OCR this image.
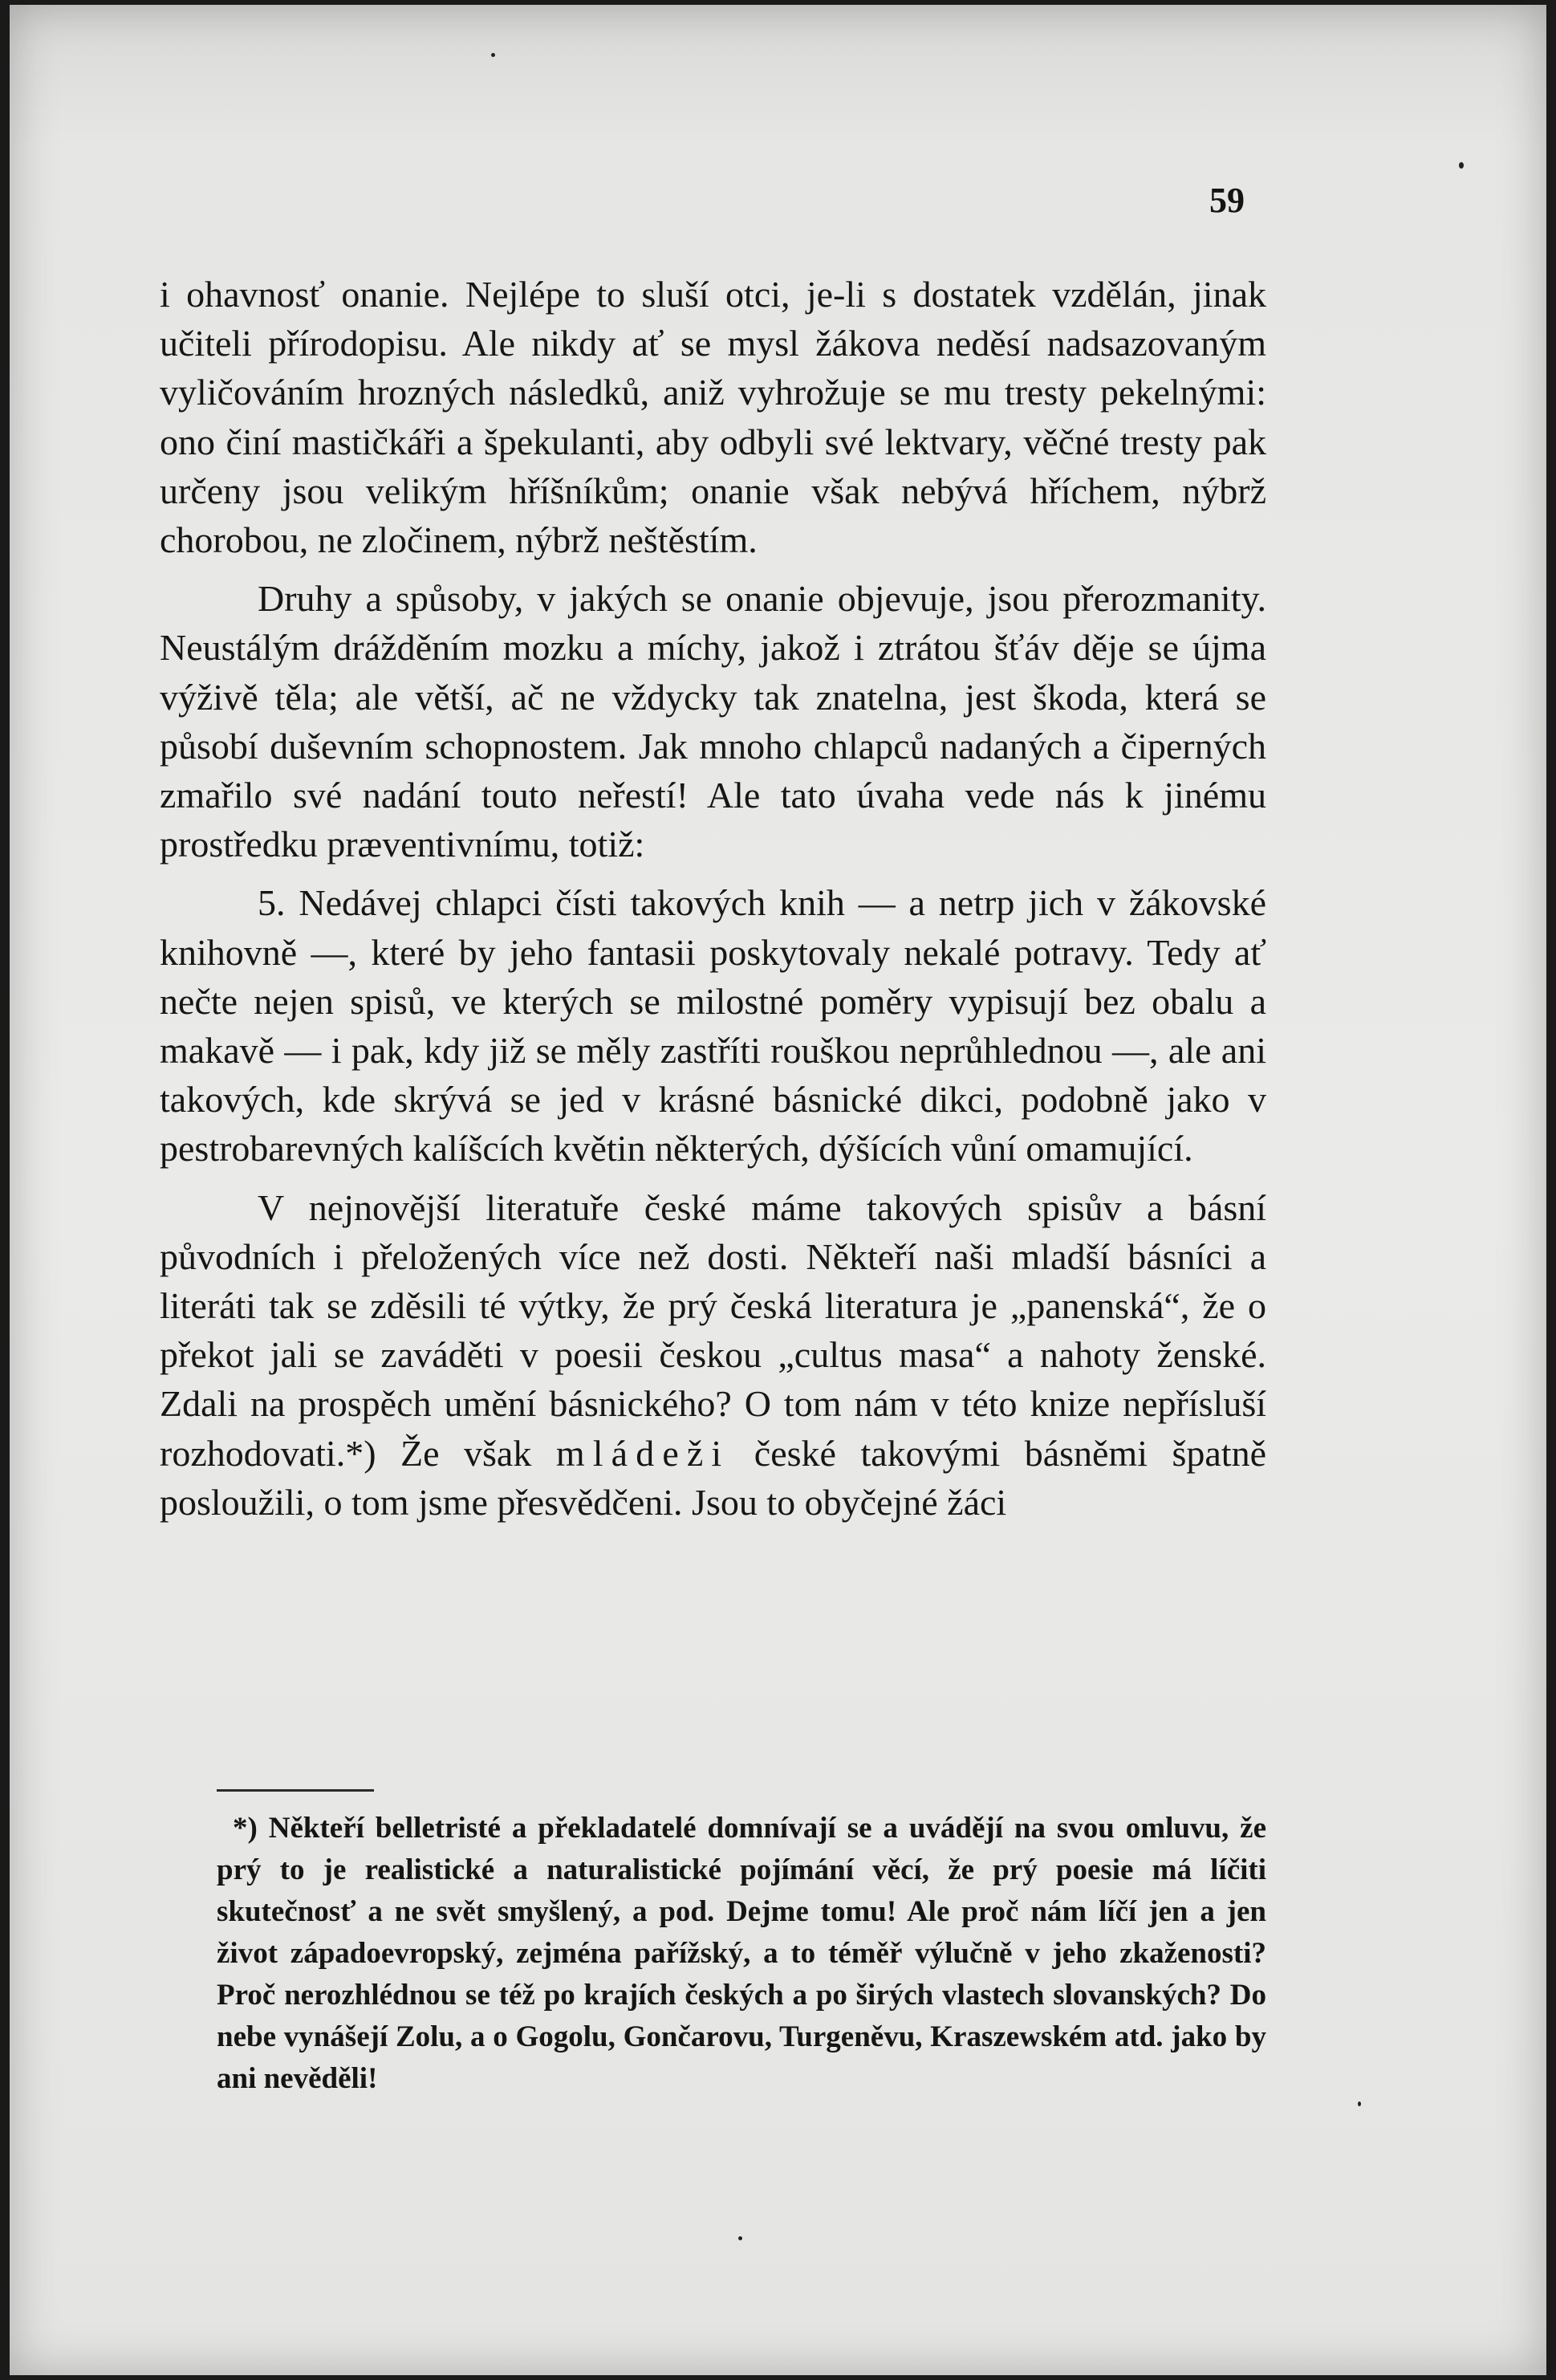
59

i ohavnosť onanie. Nejlépe to sluší otci, je-li s dostatek vzdělán, jinak učiteli přírodopisu. Ale nikdy ať se mysl žákova neděsí nadsazovaným vyličováním hrozných následků, aniž vyhrožuje se mu tresty pekelnými: ono činí mastičkáři a špekulanti, aby odbyli své lektvary, věčné tresty pak určeny jsou velikým hříšníkům; onanie však nebývá hříchem, nýbrž chorobou, ne zločinem, nýbrž neštěstím.

Druhy a spůsoby, v jakých se onanie objevuje, jsou přerozmanity. Neustálým drážděním mozku a míchy, jakož i ztrátou šťáv děje se újma výživě těla; ale větší, ač ne vždycky tak znatelna, jest škoda, která se působí duševním schopnostem. Jak mnoho chlapců nadaných a čiperných zmařilo své nadání touto neřestí! Ale tato úvaha vede nás k jinému prostředku præventivnímu, totiž:

5. Nedávej chlapci čísti takových knih — a netrp jich v žákovské knihovně —, které by jeho fantasii poskytovaly nekalé potravy. Tedy ať nečte nejen spisů, ve kterých se milostné poměry vypisují bez obalu a makavě — i pak, kdy již se měly zastříti rouškou neprůhlednou —, ale ani takových, kde skrývá se jed v krásné básnické dikci, podobně jako v pestrobarevných kalíšcích květin některých, dýšících vůní omamující.

V nejnovější literatuře české máme takových spisův a básní původních i přeložených více než dosti. Někteří naši mladší básníci a literáti tak se zděsili té výtky, že prý česká literatura je „panenská“, že o překot jali se zaváděti v poesii českou „cultus masa“ a nahoty ženské. Zdali na prospěch umění básnického? O tom nám v této knize nepřísluší rozhodovati.*) Že však mládeži české takovými básněmi špatně posloužili, o tom jsme přesvědčeni. Jsou to obyčejné žáci

*) Někteří belletristé a překladatelé domnívají se a uvádějí na svou omluvu, že prý to je realistické a naturalistické pojímání věcí, že prý poesie má líčiti skutečnosť a ne svět smyšlený, a pod. Dejme tomu! Ale proč nám líčí jen a jen život západoevropský, zejména pařížský, a to téměř výlučně v jeho zkaženosti? Proč nerozhlédnou se též po krajích českých a po širých vlastech slovanských? Do nebe vynášejí Zolu, a o Gogolu, Gončarovu, Turgeněvu, Kraszewském atd. jako by ani nevěděli!
